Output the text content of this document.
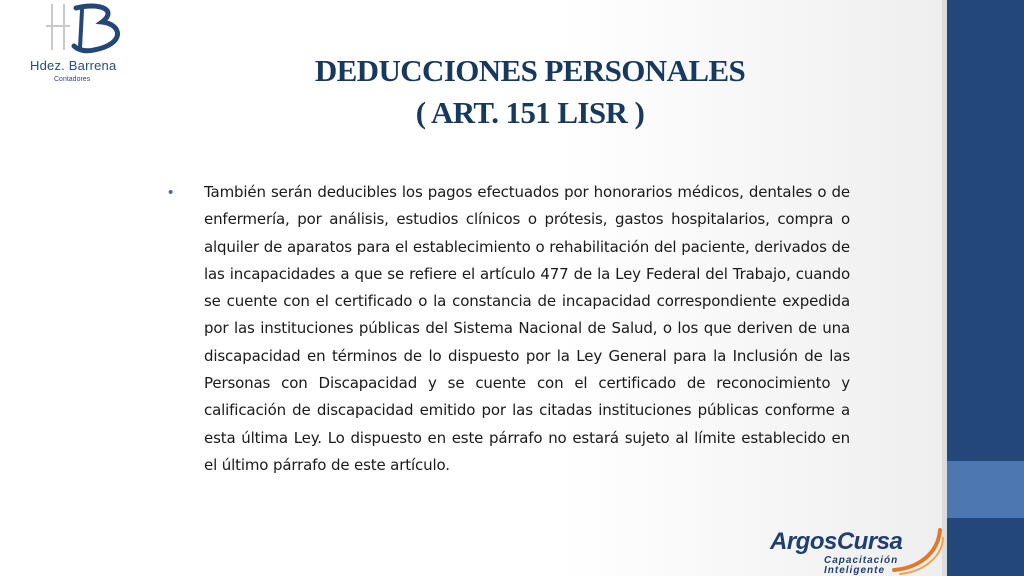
Hdez. Barrena
Contadores	DEDUCCIONES PERSONALES
( ART. 151 LISR )
• También serán deducibles los pagos efectuados por honorarios médicos, dentales o de enfermería, por análisis, estudios clínicos o prótesis, gastos hospitalarios, compra o alquiler de aparatos para el establecimiento o rehabilitación del paciente, derivados de las incapacidades a que se refiere el artículo 477 de la Ley Federal del Trabajo, cuando se cuente con el certificado o la constancia de incapacidad correspondiente expedida por las instituciones públicas del Sistema Nacional de Salud, o los que deriven de una discapacidad en términos de lo dispuesto por la Ley General para la Inclusión de las Personas con Discapacidad y se cuente con el certificado de reconocimiento y calificación de discapacidad emitido por las citadas instituciones públicas conforme a esta última Ley. Lo dispuesto en este párrafo no estará sujeto al límite establecido en el último párrafo de este artículo.
ArgosCursa
Capacitación
Inteligente
